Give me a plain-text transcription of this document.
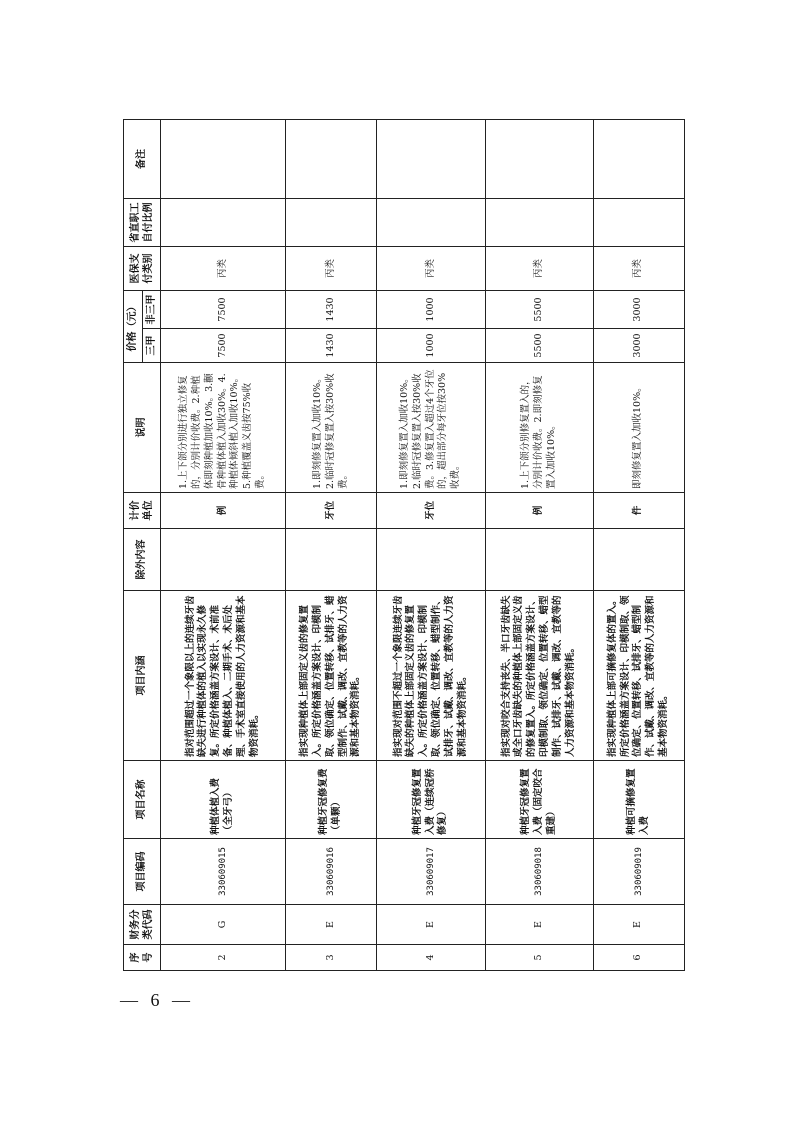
序号	财务分类代码	项目编码	项目名称	项目内涵	除外内容	计价单位	说明	价格（元）		医保支付类别	省直职工自付比例	备注
								三甲	非三甲			
2	G	330609015	种植体植入费（全牙弓）	指对范围超过一个象限以上的连续牙齿缺失进行种植体的植入以实现永久修复。所定价格涵盖方案设计、术前准备、种植体植入、二期手术、术后处理、手术室直接使用的人力资源和基本物资消耗。		例	1.上下颌分别进行独立修复的，分别计价收费。2.种植体即刻种植加收10%。3.颧骨种植体植入加收30%。4.种植体倾斜植入加收10%。5.种植覆盖义齿按75%收费。	7500	7500	丙类		
3	E	330609016	种植牙冠修复费（单颗）	指实现种植体上部固定义齿的修复置入。所定价格涵盖方案设计、印模制取、领位确定、位置转移、试排牙、蜡型制作、试戴、调改、宜教等的人力资源和基本物资消耗。		牙位	1.即刻修复置入加收10%。2.临时冠修复置入按30%收费。	1430	1430	丙类		
4	E	330609017	种植牙冠修复置入费（连续冠桥修复）	指实现对范围不超过一个象限连续牙齿缺失的种植体上部固定义齿的修复置入。所定价格涵盖方案设计、印模制取、领位确定、位置转移、蜡型制作、试排牙、试戴、调改、宜教等的人力资源和基本物资消耗。		牙位	1.即刻修复置入加收10%。2.临时冠修复置入按30%收费。3.修复置入超过4个牙位的，超出部分每牙位按30%收费。	1000	1000	丙类		
5	E	330609018	种植牙冠修复置入费（固定咬合重建）	指实现对咬合支持丧失、半口牙齿缺失或全口牙齿缺失的种植体上部固定义齿的修复置入。所定价格涵盖方案设计、印模制取、领位确定、位置转移、蜡型制作、试排牙、试戴、调改、宜教等的人力资源和基本物资消耗。		例	1.上下颌分别修复置入的，分别计价收费。2.即刻修复置入加收10%。	5500	5500	丙类		
6	E	330609019	种植可摘修复置入费	指实现种植体上部可摘修复体的置入。所定价格涵盖方案设计、印模制取、领位确定、位置转移、试排牙、蜡型制作、试戴、调改、宜教等的人力资源和基本物资消耗。		件	即刻修复置入加收10%。	3000	3000	丙类		
— 6 —
